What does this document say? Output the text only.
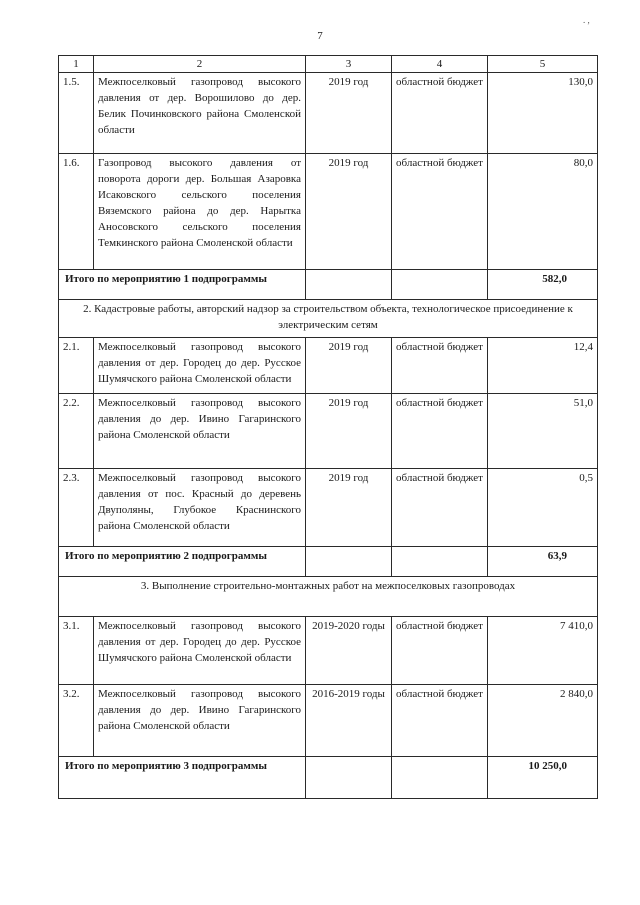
7
. ,
1	2	3	4	5
1.5.	Межпоселковый газопровод высокого давления от дер. Ворошилово до дер. Белик Починковского района Смоленской области	2019 год	областной бюджет	130,0
1.6.	Газопровод высокого давления от поворота дороги дер. Большая Азаровка Исаковского сельского поселения Вяземского района до дер. Нарытка Аносовского сельского поселения Темкинского района Смоленской области	2019 год	областной бюджет	80,0
Итого по мероприятию 1 подпрограммы				582,0
2. Кадастровые работы, авторский надзор за строительством объекта, технологическое присоединение к электрическим сетям				
2.1.	Межпоселковый газопровод высокого давления от дер. Городец до дер. Русское Шумячского района Смоленской области	2019 год	областной бюджет	12,4
2.2.	Межпоселковый газопровод высокого давления до дер. Ивино Гагаринского района Смоленской области	2019 год	областной бюджет	51,0
2.3.	Межпоселковый газопровод высокого давления от пос. Красный до деревень Двуполяны, Глубокое Краснинского района Смоленской области	2019 год	областной бюджет	0,5
Итого по мероприятию 2 подпрограммы				63,9
3. Выполнение строительно-монтажных работ на межпоселковых газопроводах				
3.1.	Межпоселковый газопровод высокого давления от дер. Городец до дер. Русское Шумячского района Смоленской области	2019-2020 годы	областной бюджет	7 410,0
3.2.	Межпоселковый газопровод высокого давления до дер. Ивино Гагаринского района Смоленской области	2016-2019 годы	областной бюджет	2 840,0
Итого по мероприятию 3 подпрограммы				10 250,0
